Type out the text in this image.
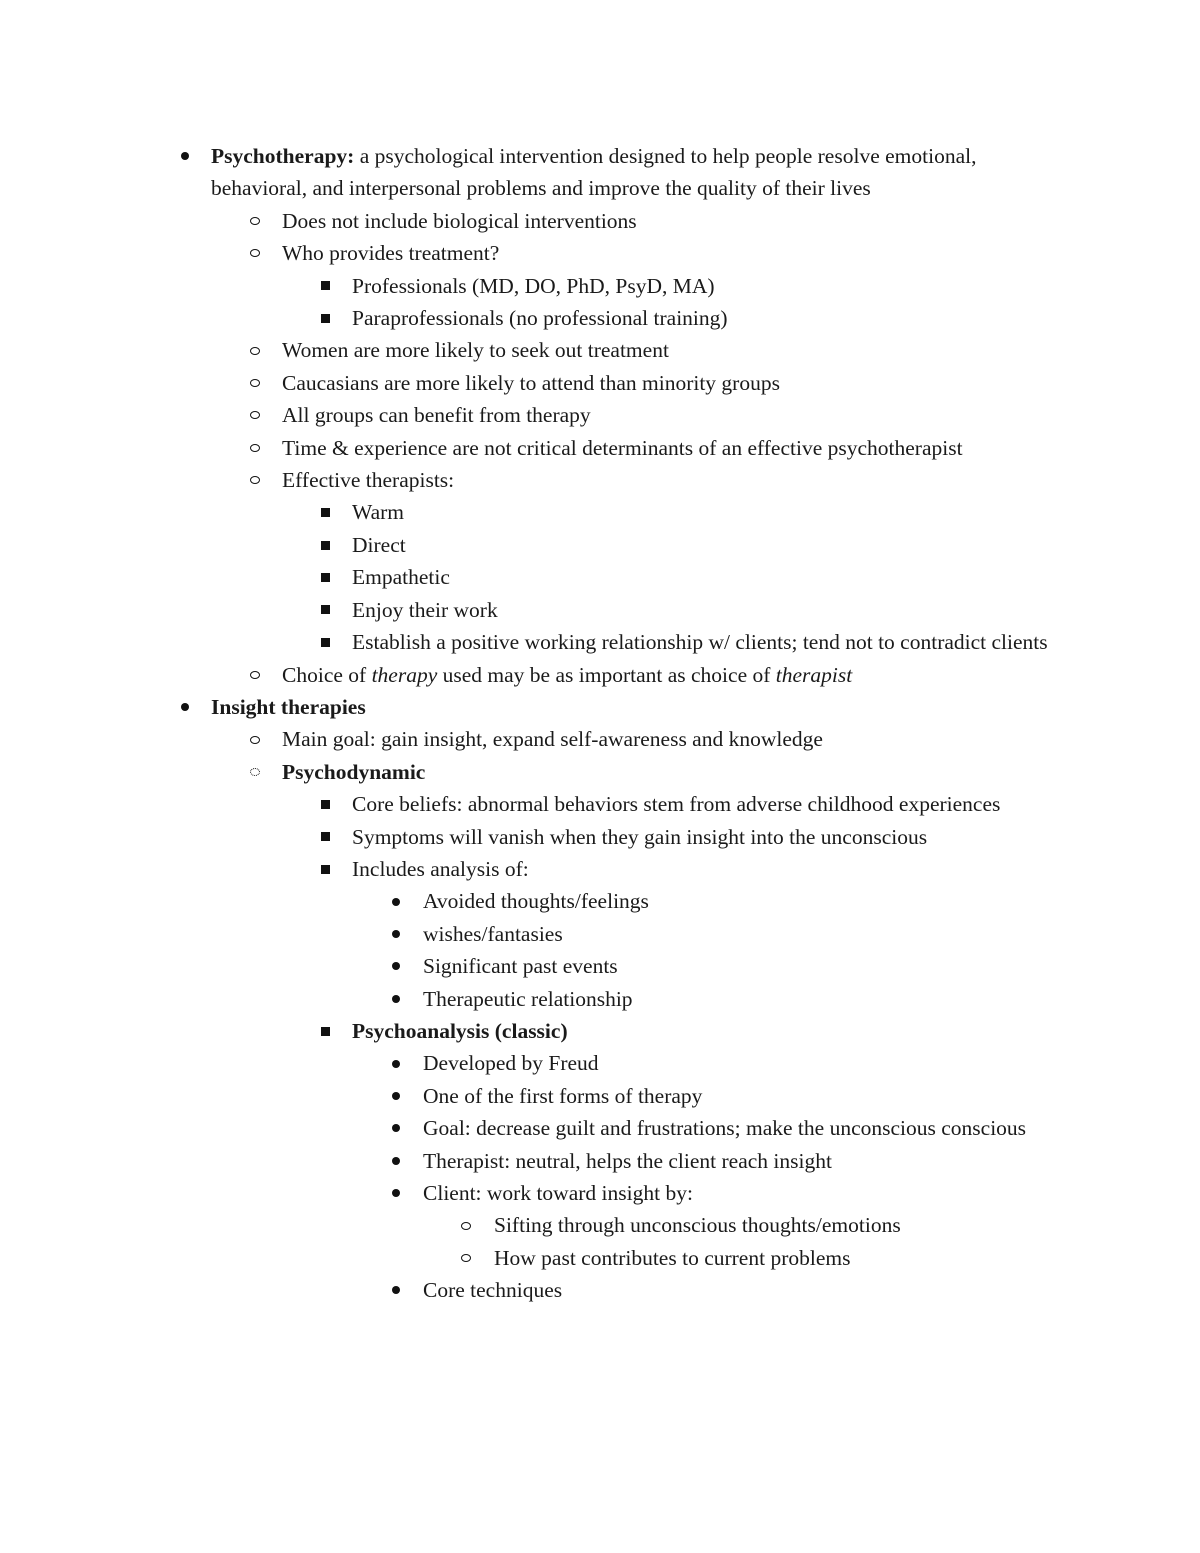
Psychotherapy: a psychological intervention designed to help people resolve emotional, behavioral, and interpersonal problems and improve the quality of their lives
Does not include biological interventions
Who provides treatment?
Professionals (MD, DO, PhD, PsyD, MA)
Paraprofessionals (no professional training)
Women are more likely to seek out treatment
Caucasians are more likely to attend than minority groups
All groups can benefit from therapy
Time & experience are not critical determinants of an effective psychotherapist
Effective therapists:
Warm
Direct
Empathetic
Enjoy their work
Establish a positive working relationship w/ clients; tend not to contradict clients
Choice of therapy used may be as important as choice of therapist
Insight therapies
Main goal: gain insight, expand self-awareness and knowledge
Psychodynamic
Core beliefs: abnormal behaviors stem from adverse childhood experiences
Symptoms will vanish when they gain insight into the unconscious
Includes analysis of:
Avoided thoughts/feelings
wishes/fantasies
Significant past events
Therapeutic relationship
Psychoanalysis (classic)
Developed by Freud
One of the first forms of therapy
Goal: decrease guilt and frustrations; make the unconscious conscious
Therapist: neutral, helps the client reach insight
Client: work toward insight by:
Sifting through unconscious thoughts/emotions
How past contributes to current problems
Core techniques
